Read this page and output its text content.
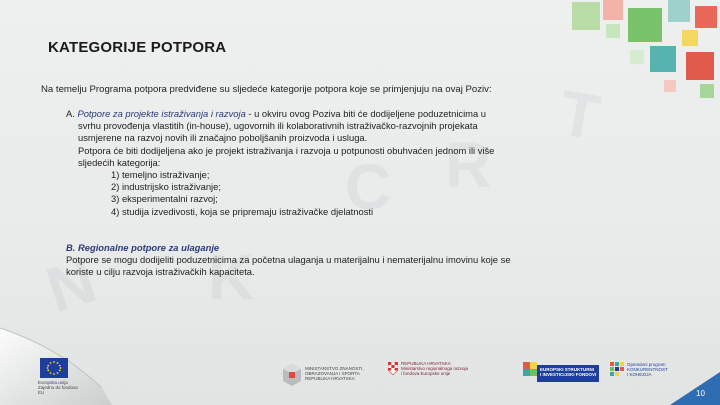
N K
C R
T
KATEGORIJE POTPORA
Na temelju Programa potpora predviđene su sljedeće kategorije potpora koje se primjenjuju na ovaj Poziv:
A. Potpore za projekte istraživanja i razvoja - u okviru ovog Poziva biti će dodijeljene poduzetnicima u
svrhu provođenja vlastitih (in-house), ugovornih ili kolaborativnih istraživačko-razvojnih projekata
usmjerene na razvoj novih ili značajno poboljšanih proizvoda i usluga.
Potpora će biti dodijeljena ako je projekt istraživanja i razvoja u potpunosti obuhvaćen jednom ili više
sljedećih kategorija:
1) temeljno istraživanje;
2) industrijsko istraživanje;
3) eksperimentalni razvoj;
4) studija izvedivosti, koja se pripremaju istraživačke djelatnosti
B. Regionalne potpore za ulaganje
Potpore se mogu dodijeliti poduzetnicima za početna ulaganja u materijalnu i nematerijalnu imovinu koje se
koriste u cilju razvoja istraživačkih kapaciteta.
Europska unija
Zajedno do fondova EU
MINISTARSTVO ZNANOSTI,
OBRAZOVANJA I SPORTA
REPUBLIKA HRVATSKA
REPUBLIKA HRVATSKA
Ministarstvo regionalnoga razvoja
i fondova Europske unije
EUROPSKI STRUKTURNI
I INVESTICIJSKI FONDOVI
Operativni program
KONKURENTNOST
I KOHEZIJA
10
